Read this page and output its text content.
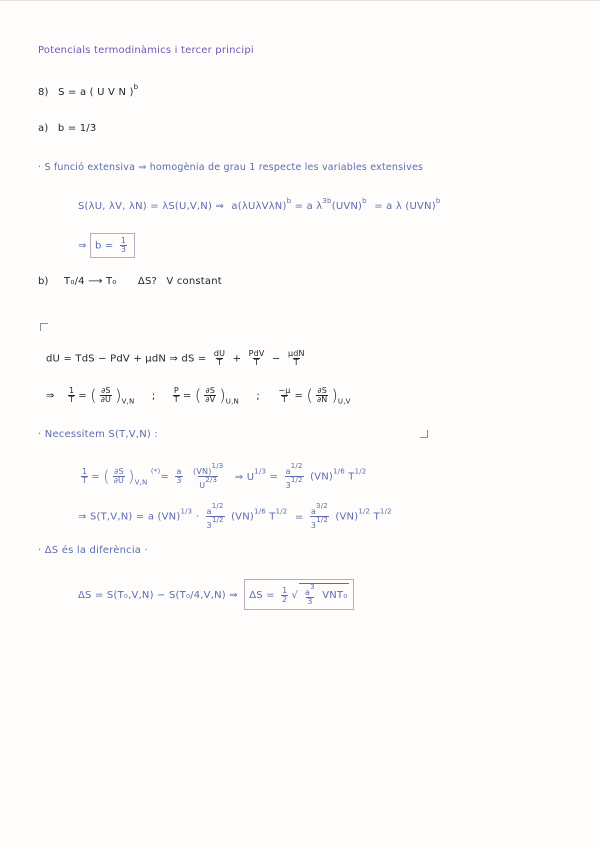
Potencials termodinàmics i tercer principi
8) S = a ( U V N )$^b$
a) b = 1/3
· S funció extensiva ⇒ homogènia de grau 1 respecte les variables extensives
S(λU, λV, λN) = λS(U,V,N) ⇒ $a(\lambda U\lambda V\lambda N)^b = a$ $\lambda^{3b}(UVN)^b = a$ λ (UVN)$^b$
⇒ $b = \frac{1}{3}$
b) T₀/4 ⟶ T₀ ΔS? V constant
dU = TdS − PdV + μdN ⇒ dS = $\frac{dU}{T} + \frac{\text{PdV}}{T} - \frac{\text{μdN}}{T}$
⇒ $\frac{1}{T}$ = ( $\frac{\partial S}{\partial U} )_{V,N}$ ; $\frac{P}{T}$ = ( $\frac{\partial S}{\partial V} )_{U,N}$ ; $\frac{-\mu}{T}$ = ( $\frac{\partial S}{\partial N} )_{U,V}$
· Necessitem S(T,V,N) :
$\frac{1}{T}$ = ( $\frac{\partial S}{\partial U} )_{V,N}$ $^{(*)}= \frac{a}{3}$
$\frac{(VN)1/3}{U2/3}$ ⇒ $U^{1/3} = \frac{a1/2}{31/2} (VN)^{1/6}$ $T^{1/2}$
⇒ S(T,V,N) = a $(VN)^{1/3} \cdot \frac{a1/2}{31/2} (VN)^{1/6}$ $T^{1/2} = \frac{a3/2}{31/2} (VN)^{1/2}$ $T^{1/2}$
· ΔS és la diferència ·
ΔS = S(T₀,V,N) − S(T₀/4,V,N) ⇒ $\Delta S = \frac{1}{2}$ √ $\frac{a3}{3} VNT_0$
